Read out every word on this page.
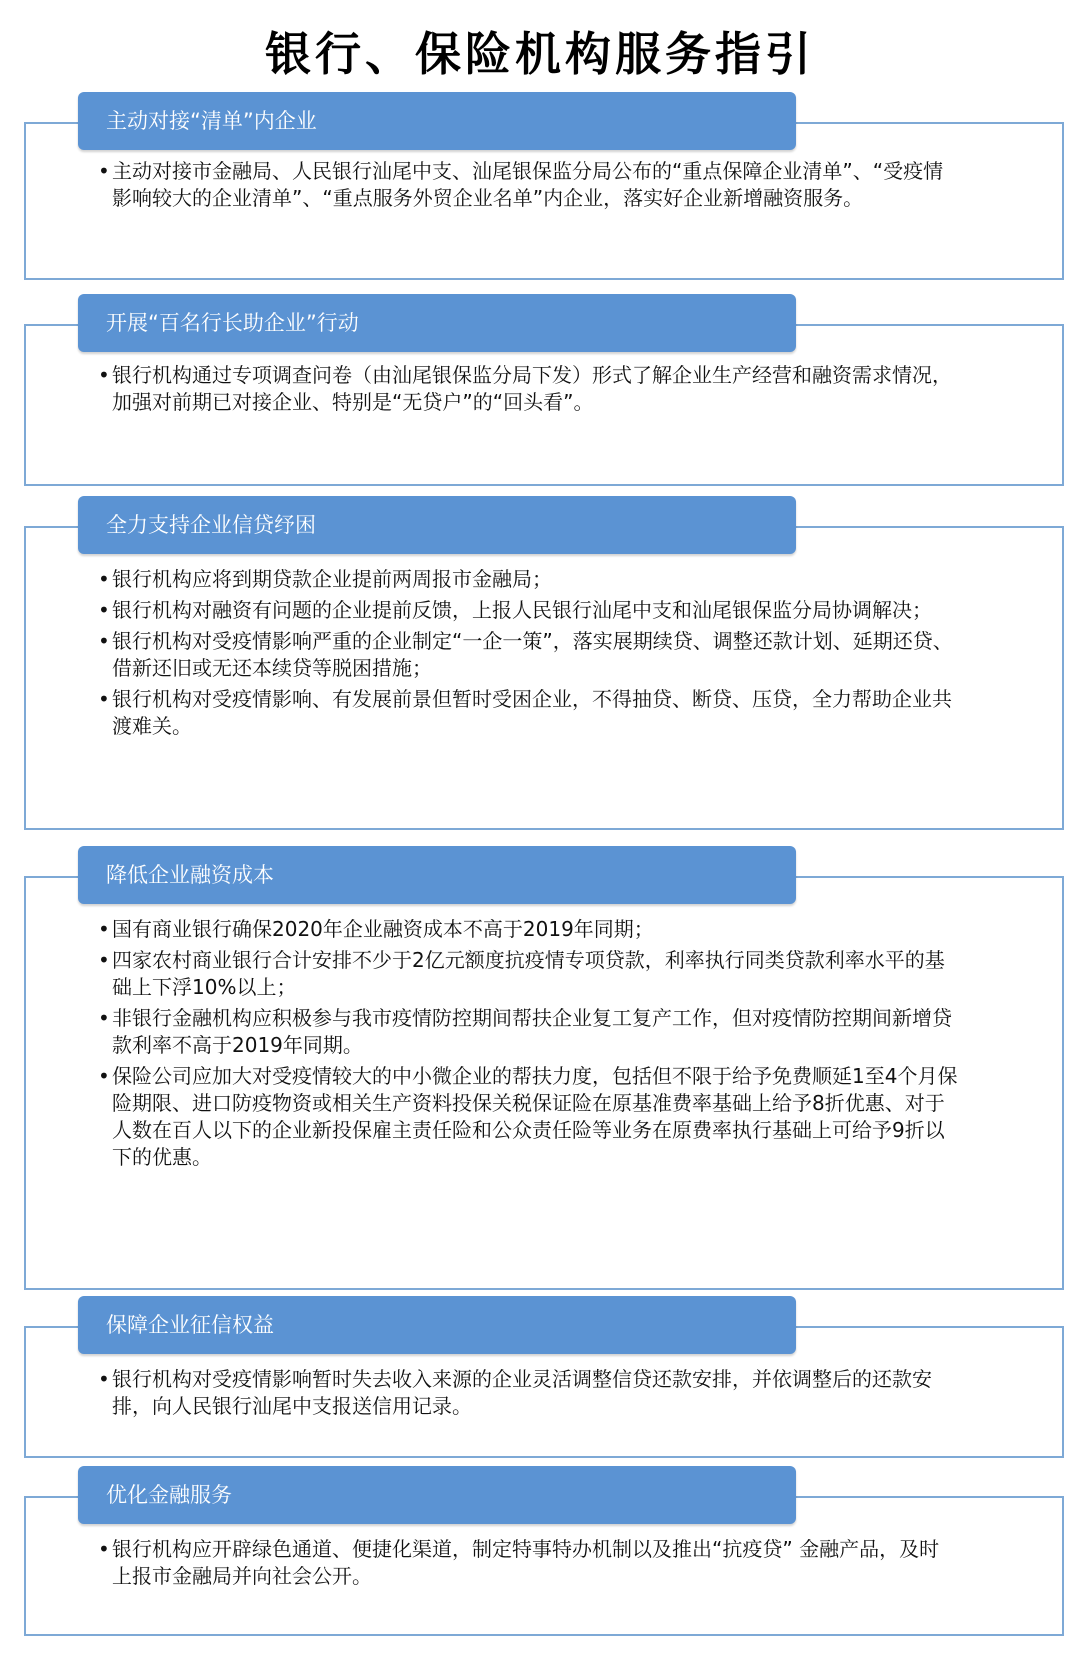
银行、保险机构服务指引
主动对接“清单”内企业
• 主动对接市金融局、人民银行汕尾中支、汕尾银保监分局公布的“重点保障企业清单”、“受疫情影响较大的企业清单”、“重点服务外贸企业名单”内企业，落实好企业新增融资服务。
开展“百名行长助企业”行动
• 银行机构通过专项调查问卷（由汕尾银保监分局下发）形式了解企业生产经营和融资需求情况，加强对前期已对接企业、特别是“无贷户”的“回头看”。
全力支持企业信贷纾困
• 银行机构应将到期贷款企业提前两周报市金融局；
• 银行机构对融资有问题的企业提前反馈，上报人民银行汕尾中支和汕尾银保监分局协调解决；
• 银行机构对受疫情影响严重的企业制定“一企一策”，落实展期续贷、调整还款计划、延期还贷、借新还旧或无还本续贷等脱困措施；
• 银行机构对受疫情影响、有发展前景但暂时受困企业，不得抽贷、断贷、压贷，全力帮助企业共渡难关。
降低企业融资成本
• 国有商业银行确保2020年企业融资成本不高于2019年同期；
• 四家农村商业银行合计安排不少于2亿元额度抗疫情专项贷款，利率执行同类贷款利率水平的基础上下浮10%以上；
• 非银行金融机构应积极参与我市疫情防控期间帮扶企业复工复产工作，但对疫情防控期间新增贷款利率不高于2019年同期。
• 保险公司应加大对受疫情较大的中小微企业的帮扶力度，包括但不限于给予免费顺延1至4个月保险期限、进口防疫物资或相关生产资料投保关税保证险在原基准费率基础上给予8折优惠、对于人数在百人以下的企业新投保雇主责任险和公众责任险等业务在原费率执行基础上可给予9折以下的优惠。
保障企业征信权益
• 银行机构对受疫情影响暂时失去收入来源的企业灵活调整信贷还款安排，并依调整后的还款安排，向人民银行汕尾中支报送信用记录。
优化金融服务
• 银行机构应开辟绿色通道、便捷化渠道，制定特事特办机制以及推出“抗疫贷” 金融产品，及时上报市金融局并向社会公开。
